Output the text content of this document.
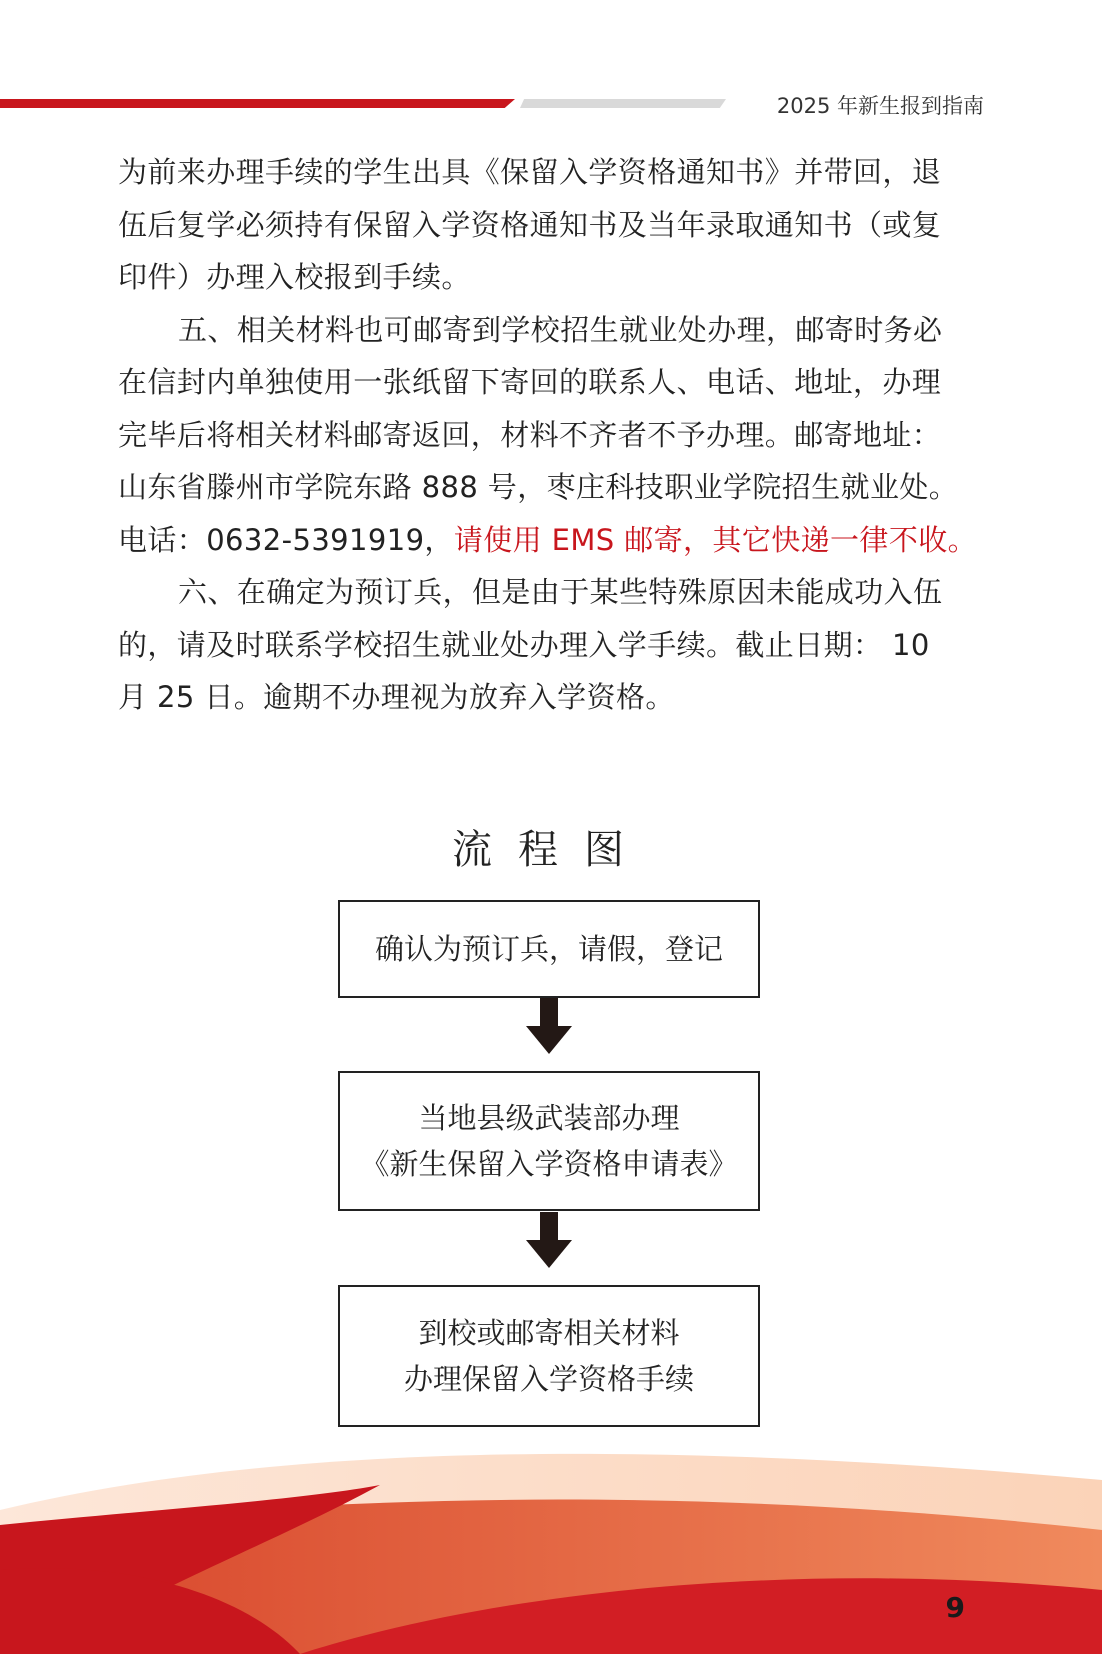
2025 年新生报到指南

为前来办理手续的学生出具《保留入学资格通知书》并带回，退
伍后复学必须持有保留入学资格通知书及当年录取通知书（或复
印件）办理入校报到手续。

五、相关材料也可邮寄到学校招生就业处办理，邮寄时务必
在信封内单独使用一张纸留下寄回的联系人、电话、地址，办理
完毕后将相关材料邮寄返回，材料不齐者不予办理。邮寄地址：
山东省滕州市学院东路 888 号，枣庄科技职业学院招生就业处。
电话：0632-5391919，请使用 EMS 邮寄，其它快递一律不收。

六、在确定为预订兵，但是由于某些特殊原因未能成功入伍
的，请及时联系学校招生就业处办理入学手续。截止日期： 10
月 25 日。逾期不办理视为放弃入学资格。

流程图
确认为预订兵，请假，登记
当地县级武装部办理
《新生保留入学资格申请表》
到校或邮寄相关材料
办理保留入学资格手续
9
